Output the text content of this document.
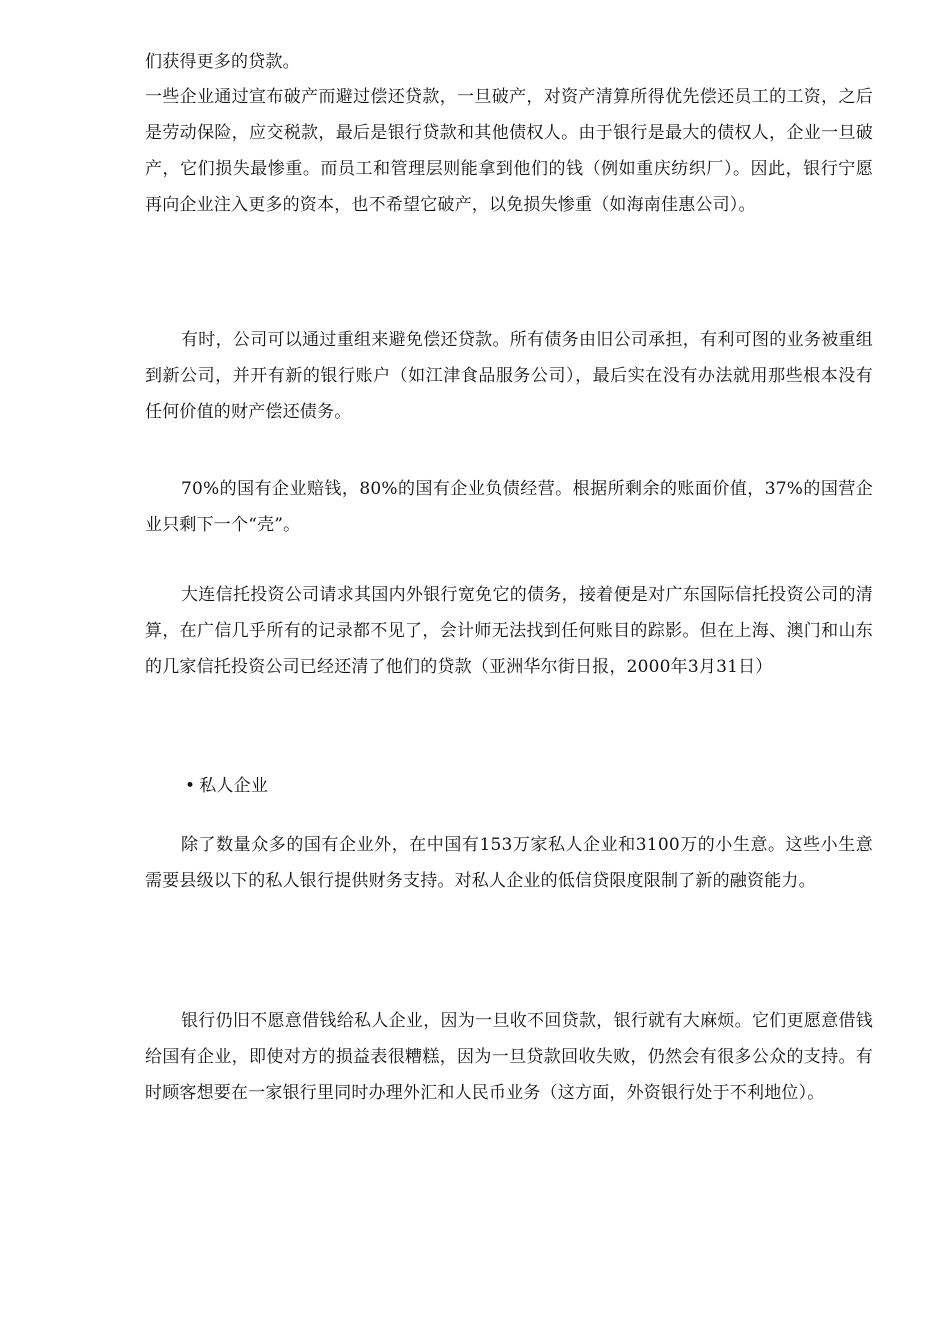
们获得更多的贷款。

一些企业通过宣布破产而避过偿还贷款，一旦破产，对资产清算所得优先偿还员工的工资，之后是劳动保险，应交税款，最后是银行贷款和其他债权人。由于银行是最大的债权人，企业一旦破产，它们损失最惨重。而员工和管理层则能拿到他们的钱（例如重庆纺织厂）。因此，银行宁愿再向企业注入更多的资本，也不希望它破产，以免损失惨重（如海南佳惠公司）。

有时，公司可以通过重组来避免偿还贷款。所有债务由旧公司承担，有利可图的业务被重组到新公司，并开有新的银行账户（如江津食品服务公司），最后实在没有办法就用那些根本没有任何价值的财产偿还债务。

70%的国有企业赔钱，80%的国有企业负债经营。根据所剩余的账面价值，37%的国营企业只剩下一个“壳”。

大连信托投资公司请求其国内外银行宽免它的债务，接着便是对广东国际信托投资公司的清算，在广信几乎所有的记录都不见了，会计师无法找到任何账目的踪影。但在上海、澳门和山东的几家信托投资公司已经还清了他们的贷款（亚洲华尔街日报，2000年3月31日）

• 私人企业

除了数量众多的国有企业外，在中国有153万家私人企业和3100万的小生意。这些小生意需要县级以下的私人银行提供财务支持。对私人企业的低信贷限度限制了新的融资能力。

银行仍旧不愿意借钱给私人企业，因为一旦收不回贷款，银行就有大麻烦。它们更愿意借钱给国有企业，即使对方的损益表很糟糕，因为一旦贷款回收失败，仍然会有很多公众的支持。有时顾客想要在一家银行里同时办理外汇和人民币业务（这方面，外资银行处于不利地位）。
